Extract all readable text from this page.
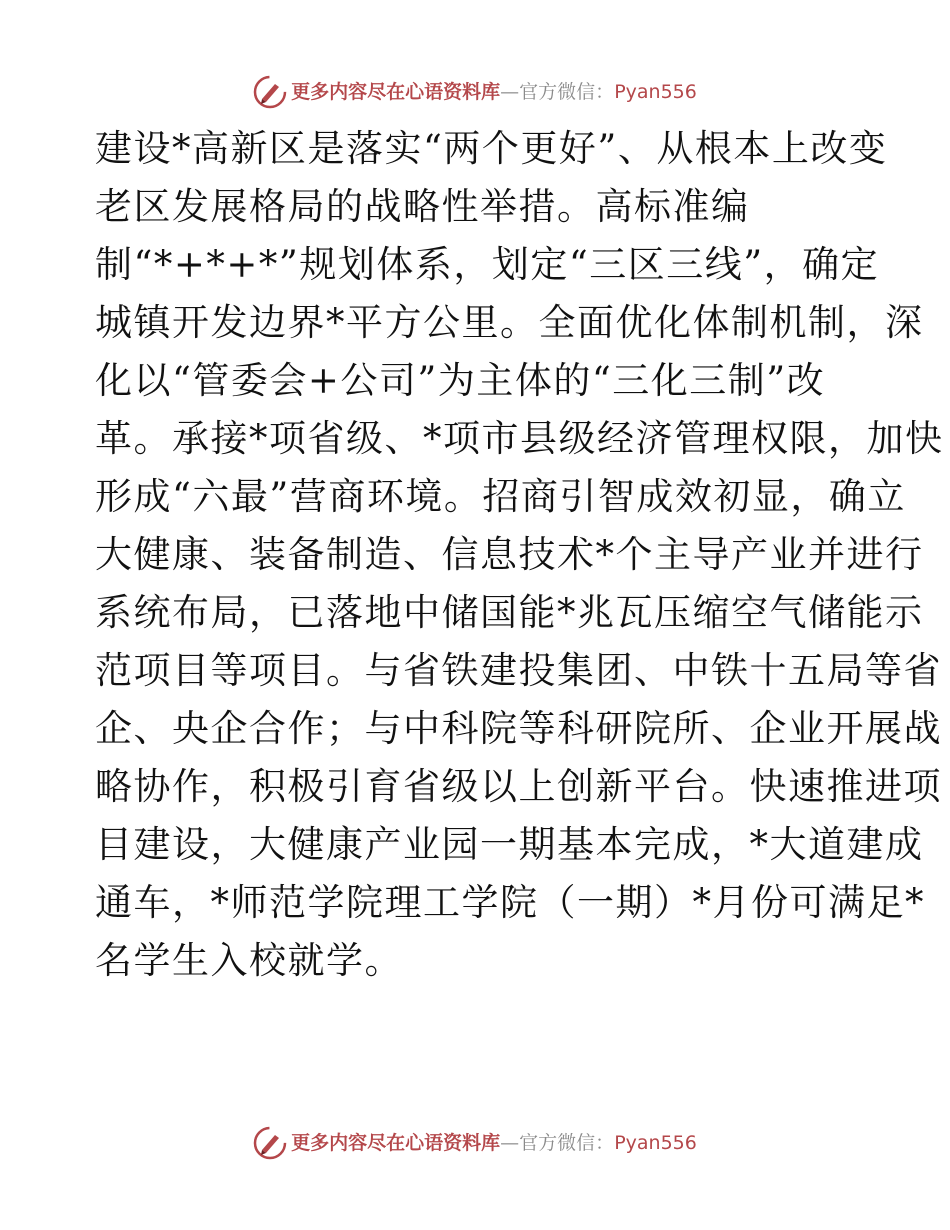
更多内容尽在心语资料库 — 官方微信： Pyan556
建设*高新区是落实“两个更好”、从根本上改变
老区发展格局的战略性举措。高标准编
制“*+*+*”规划体系，划定“三区三线”，确定
城镇开发边界*平方公里。全面优化体制机制，深
化以“管委会+公司”为主体的“三化三制”改
革。承接*项省级、*项市县级经济管理权限，加快
形成“六最”营商环境。招商引智成效初显，确立
大健康、装备制造、信息技术*个主导产业并进行
系统布局，已落地中储国能*兆瓦压缩空气储能示
范项目等项目。与省铁建投集团、中铁十五局等省
企、央企合作；与中科院等科研院所、企业开展战
略协作，积极引育省级以上创新平台。快速推进项
目建设，大健康产业园一期基本完成，*大道建成
通车，*师范学院理工学院（一期）*月份可满足*
名学生入校就学。
更多内容尽在心语资料库 — 官方微信： Pyan556
